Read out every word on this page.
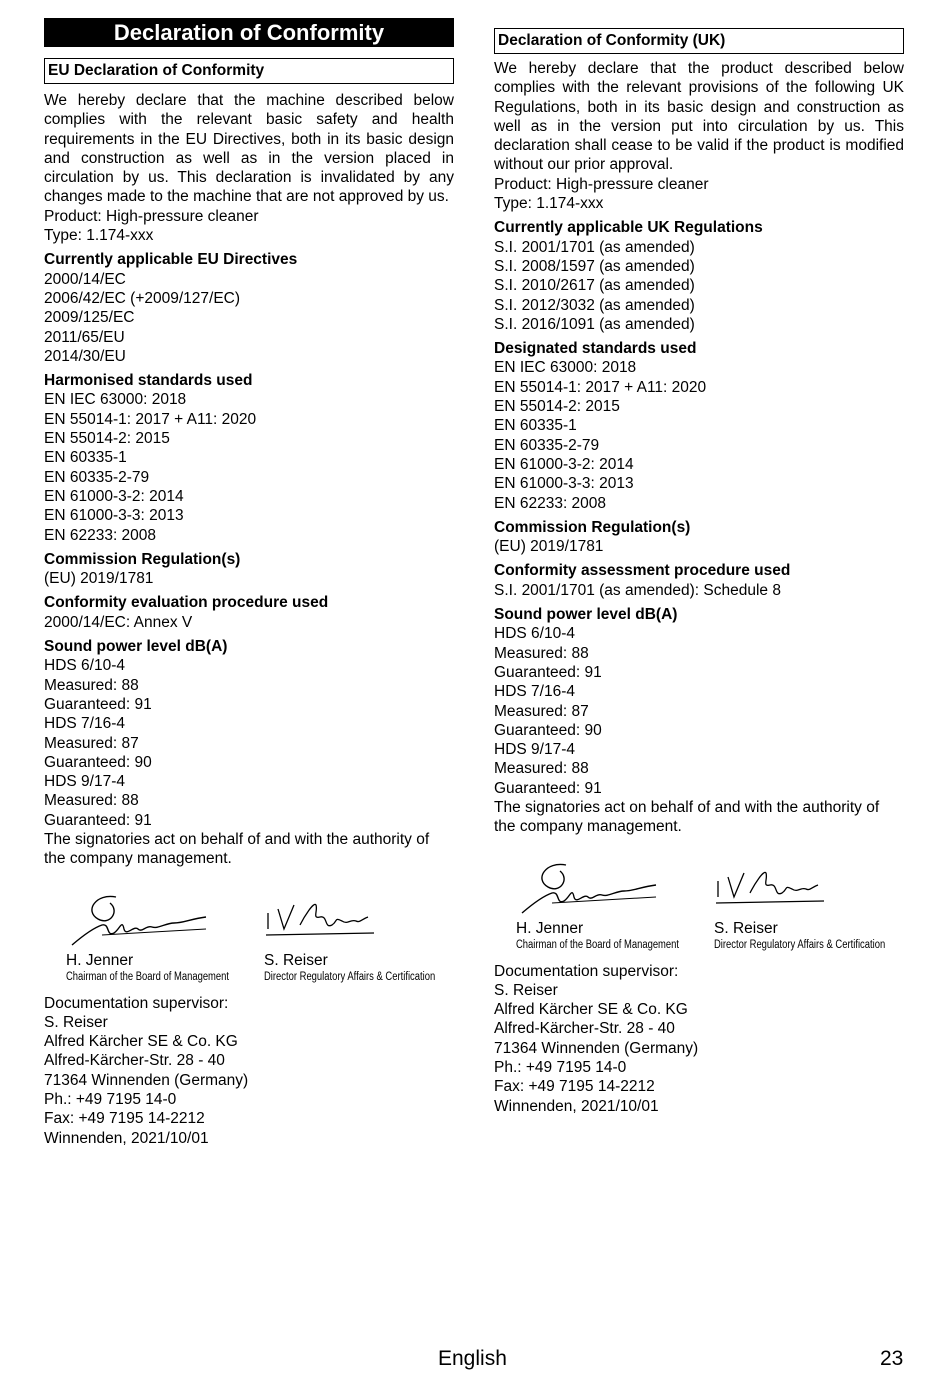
Declaration of Conformity
EU Declaration of Conformity

We hereby declare that the machine described below complies with the relevant basic safety and health requirements in the EU Directives, both in its basic design and construction as well as in the version placed in circulation by us. This declaration is invalidated by any changes made to the machine that are not approved by us.

Product: High-pressure cleaner

Type: 1.174-xxx

Currently applicable EU Directives

2000/14/EC
2006/42/EC (+2009/127/EC)
2009/125/EC
2011/65/EU
2014/30/EU

Harmonised standards used

EN IEC 63000: 2018
EN 55014-1: 2017 + A11: 2020
EN 55014-2: 2015
EN 60335-1
EN 60335-2-79
EN 61000-3-2: 2014
EN 61000-3-3: 2013
EN 62233: 2008

Commission Regulation(s)

(EU) 2019/1781

Conformity evaluation procedure used

2000/14/EC: Annex V

Sound power level dB(A)

HDS 6/10-4
Measured: 88
Guaranteed: 91
HDS 7/16-4
Measured: 87
Guaranteed: 90
HDS 9/17-4
Measured: 88
Guaranteed: 91

The signatories act on behalf of and with the authority of the company management.

H. Jenner
Chairman of the Board of Management
S. Reiser
Director Regulatory Affairs & Certification
Documentation supervisor:
S. Reiser
Alfred Kärcher SE & Co. KG
Alfred-Kärcher-Str. 28 - 40
71364 Winnenden (Germany)
Ph.: +49 7195 14-0
Fax: +49 7195 14-2212
Winnenden, 2021/10/01
Declaration of Conformity (UK)

We hereby declare that the product described below complies with the relevant provisions of the following UK Regulations, both in its basic design and construction as well as in the version put into circulation by us. This declaration shall cease to be valid if the product is modified without our prior approval.

Product: High-pressure cleaner

Type: 1.174-xxx

Currently applicable UK Regulations

S.I. 2001/1701 (as amended)
S.I. 2008/1597 (as amended)
S.I. 2010/2617 (as amended)
S.I. 2012/3032 (as amended)
S.I. 2016/1091 (as amended)

Designated standards used

EN IEC 63000: 2018
EN 55014-1: 2017 + A11: 2020
EN 55014-2: 2015
EN 60335-1
EN 60335-2-79
EN 61000-3-2: 2014
EN 61000-3-3: 2013
EN 62233: 2008

Commission Regulation(s)

(EU) 2019/1781

Conformity assessment procedure used

S.I. 2001/1701 (as amended): Schedule 8

Sound power level dB(A)

HDS 6/10-4
Measured: 88
Guaranteed: 91
HDS 7/16-4
Measured: 87
Guaranteed: 90
HDS 9/17-4
Measured: 88
Guaranteed: 91

The signatories act on behalf of and with the authority of the company management.

H. Jenner
Chairman of the Board of Management
S. Reiser
Director Regulatory Affairs & Certification
Documentation supervisor:
S. Reiser
Alfred Kärcher SE & Co. KG
Alfred-Kärcher-Str. 28 - 40
71364 Winnenden (Germany)
Ph.: +49 7195 14-0
Fax: +49 7195 14-2212
Winnenden, 2021/10/01
English	23
